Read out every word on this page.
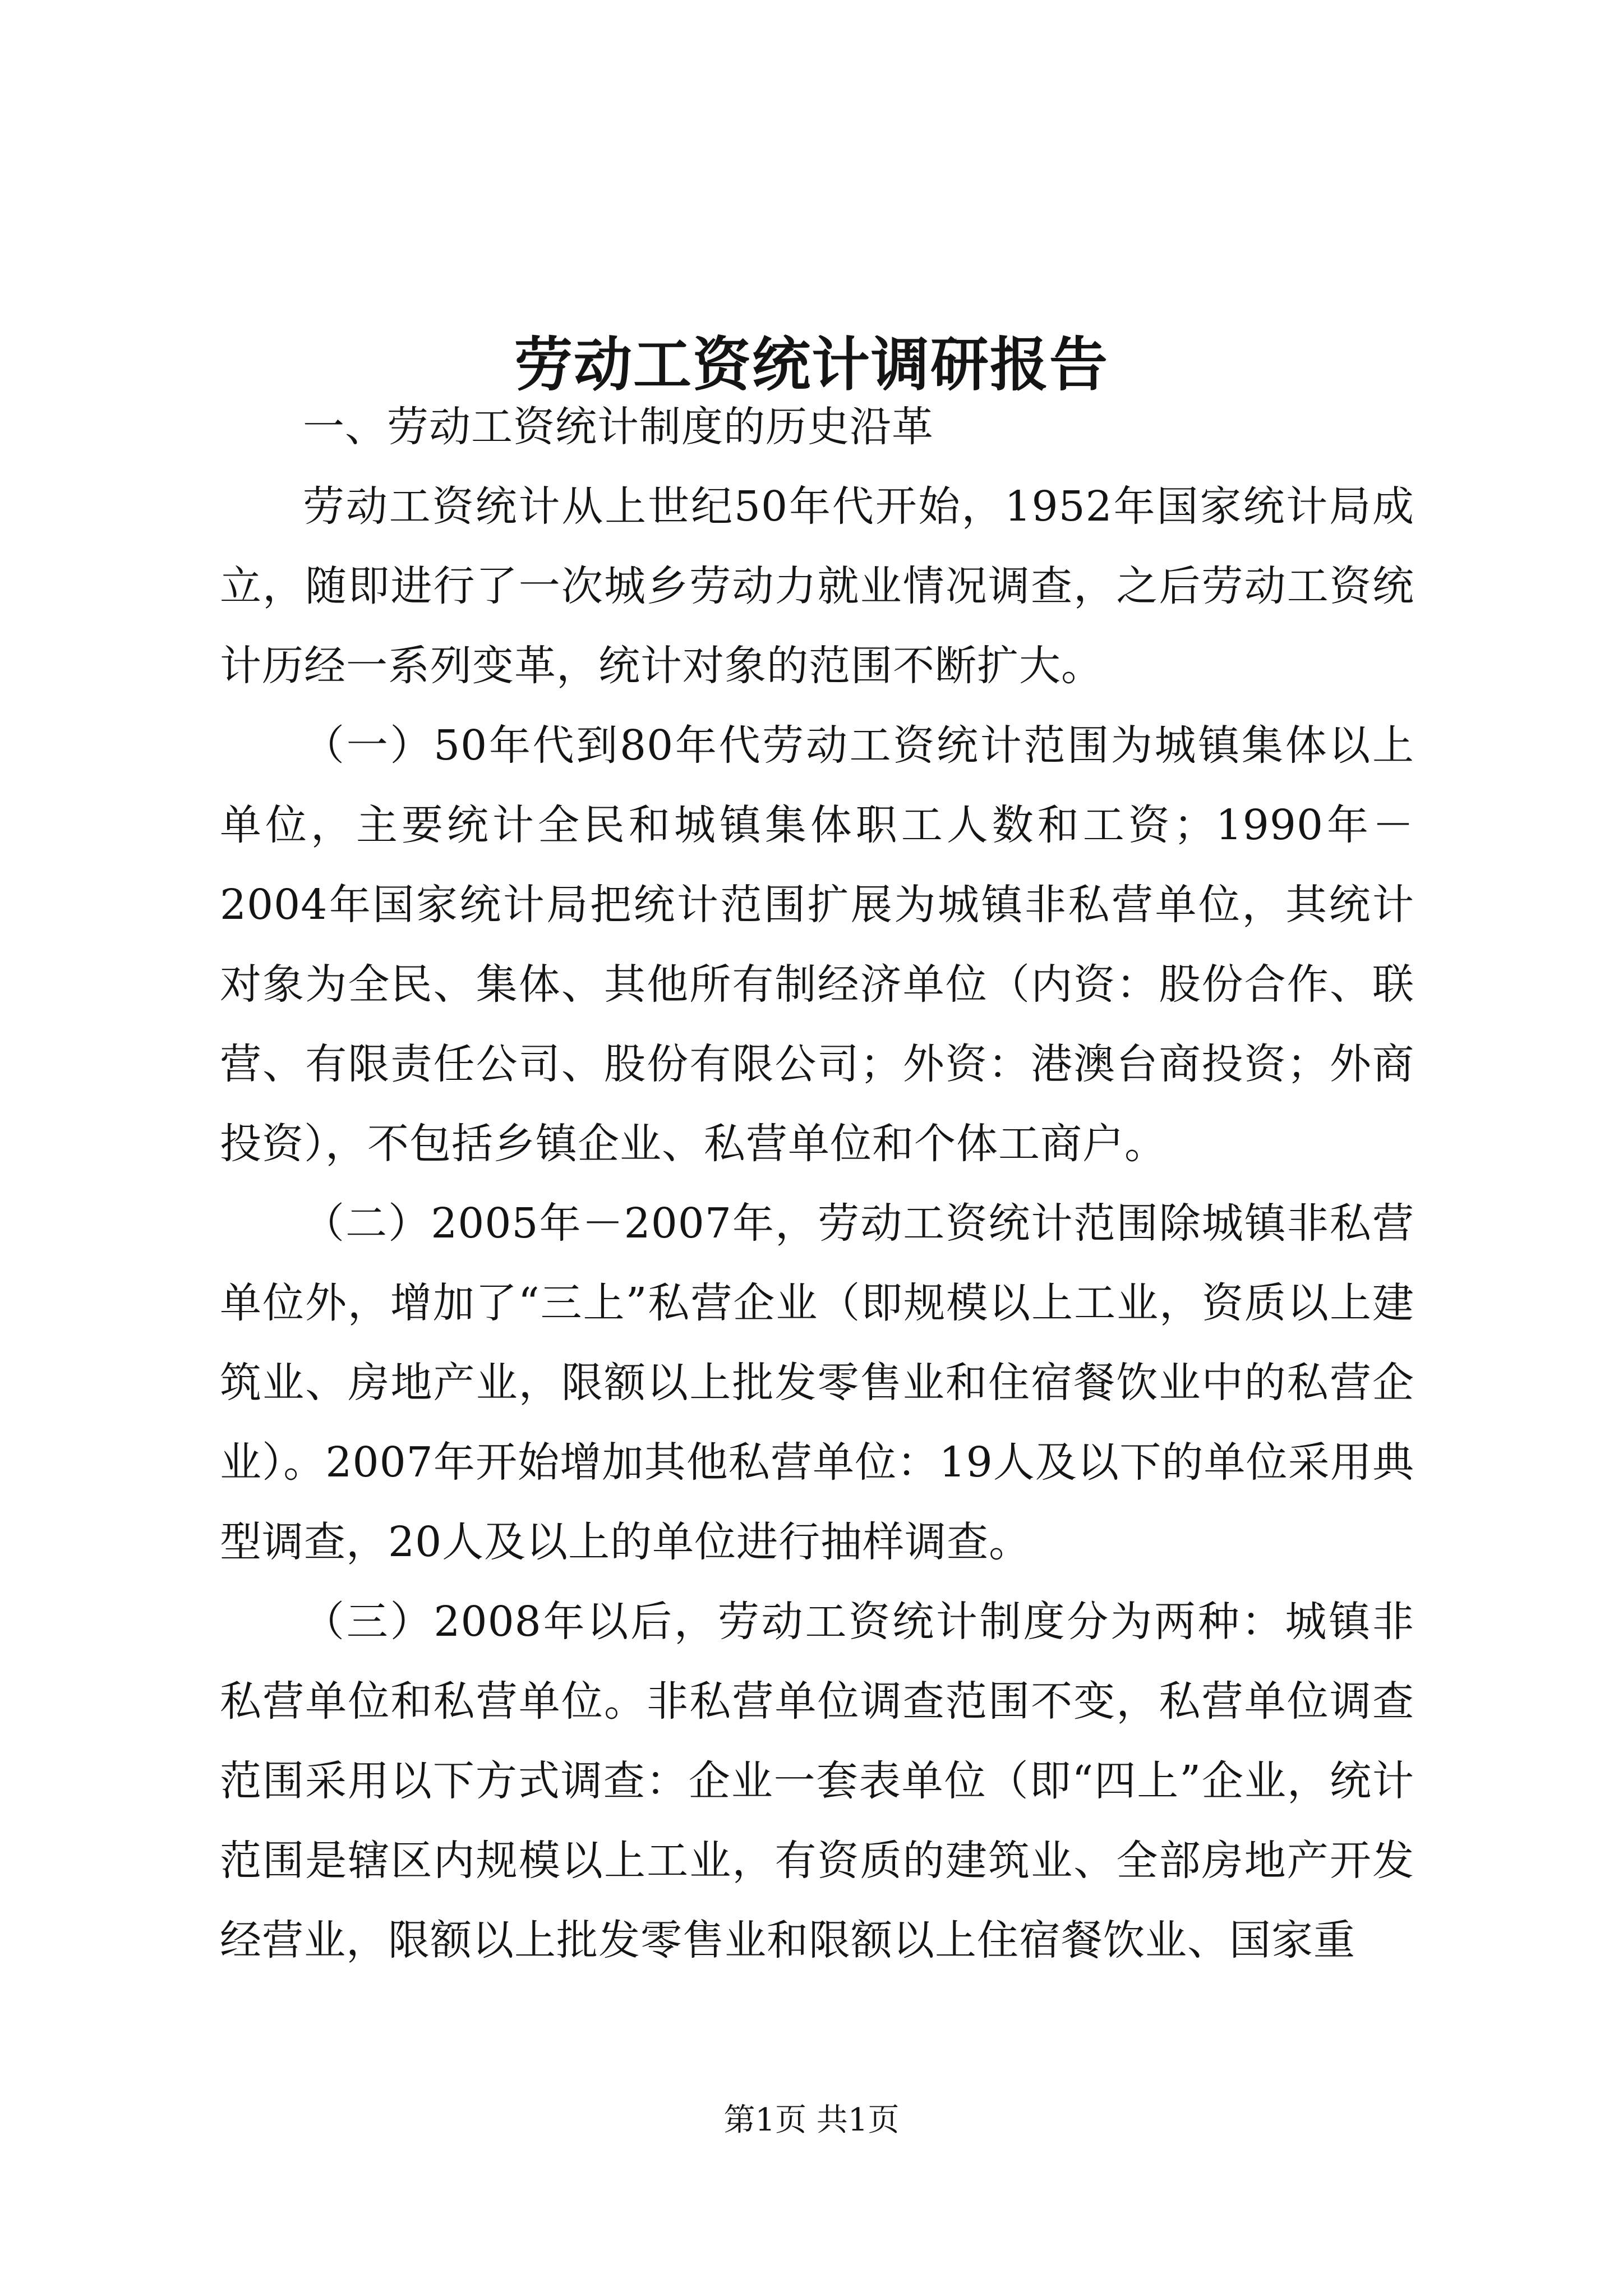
劳动工资统计调研报告

一、劳动工资统计制度的历史沿革

劳动工资统计从上世纪50年代开始，1952年国家统计局成立，随即进行了一次城乡劳动力就业情况调查，之后劳动工资统计历经一系列变革，统计对象的范围不断扩大。

（一）50年代到80年代劳动工资统计范围为城镇集体以上单位，主要统计全民和城镇集体职工人数和工资；1990年－2004年国家统计局把统计范围扩展为城镇非私营单位，其统计对象为全民、集体、其他所有制经济单位（内资：股份合作、联营、有限责任公司、股份有限公司；外资：港澳台商投资；外商投资），不包括乡镇企业、私营单位和个体工商户。

（二）2005年－2007年，劳动工资统计范围除城镇非私营单位外，增加了“三上”私营企业（即规模以上工业，资质以上建筑业、房地产业，限额以上批发零售业和住宿餐饮业中的私营企业）。2007年开始增加其他私营单位：19人及以下的单位采用典型调查，20人及以上的单位进行抽样调查。

（三）2008年以后，劳动工资统计制度分为两种：城镇非私营单位和私营单位。非私营单位调查范围不变，私营单位调查范围采用以下方式调查：企业一套表单位（即“四上”企业，统计范围是辖区内规模以上工业，有资质的建筑业、全部房地产开发经营业，限额以上批发零售业和限额以上住宿餐饮业、国家重

第1页 共1页
